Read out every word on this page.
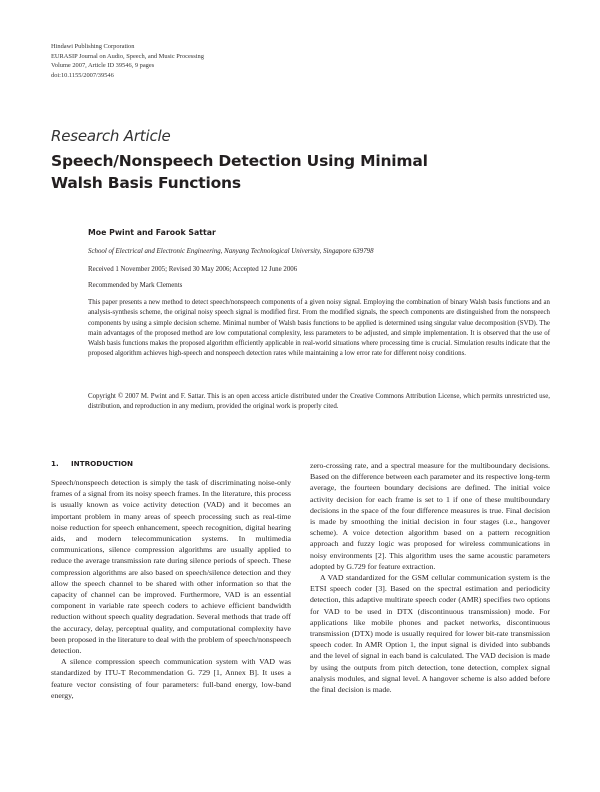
Hindawi Publishing Corporation
EURASIP Journal on Audio, Speech, and Music Processing
Volume 2007, Article ID 39546, 9 pages
doi:10.1155/2007/39546
Research Article
Speech/Nonspeech Detection Using Minimal
Walsh Basis Functions
Moe Pwint and Farook Sattar
School of Electrical and Electronic Engineering, Nanyang Technological University, Singapore 639798
Received 1 November 2005; Revised 30 May 2006; Accepted 12 June 2006
Recommended by Mark Clements
This paper presents a new method to detect speech/nonspeech components of a given noisy signal. Employing the combination of binary Walsh basis functions and an analysis-synthesis scheme, the original noisy speech signal is modified first. From the modified signals, the speech components are distinguished from the nonspeech components by using a simple decision scheme. Minimal number of Walsh basis functions to be applied is determined using singular value decomposition (SVD). The main advantages of the proposed method are low computational complexity, less parameters to be adjusted, and simple implementation. It is observed that the use of Walsh basis functions makes the proposed algorithm efficiently applicable in real-world situations where processing time is crucial. Simulation results indicate that the proposed algorithm achieves high-speech and nonspeech detection rates while maintaining a low error rate for different noisy conditions.
Copyright © 2007 M. Pwint and F. Sattar. This is an open access article distributed under the Creative Commons Attribution License, which permits unrestricted use, distribution, and reproduction in any medium, provided the original work is properly cited.
1. INTRODUCTION

Speech/nonspeech detection is simply the task of discriminating noise-only frames of a signal from its noisy speech frames. In the literature, this process is usually known as voice activity detection (VAD) and it becomes an important problem in many areas of speech processing such as real-time noise reduction for speech enhancement, speech recognition, digital hearing aids, and modern telecommunication systems. In multimedia communications, silence compression algorithms are usually applied to reduce the average transmission rate during silence periods of speech. These compression algorithms are also based on speech/silence detection and they allow the speech channel to be shared with other information so that the capacity of channel can be improved. Furthermore, VAD is an essential component in variable rate speech coders to achieve efficient bandwidth reduction without speech quality degradation. Several methods that trade off the accuracy, delay, perceptual quality, and computational complexity have been proposed in the literature to deal with the problem of speech/nonspeech detection.

A silence compression speech communication system with VAD was standardized by ITU-T Recommendation G. 729 [1, Annex B]. It uses a feature vector consisting of four parameters: full-band energy, low-band energy,

zero-crossing rate, and a spectral measure for the multiboundary decisions. Based on the difference between each parameter and its respective long-term average, the fourteen boundary decisions are defined. The initial voice activity decision for each frame is set to 1 if one of these multiboundary decisions in the space of the four difference measures is true. Final decision is made by smoothing the initial decision in four stages (i.e., hangover scheme). A voice detection algorithm based on a pattern recognition approach and fuzzy logic was proposed for wireless communications in noisy environments [2]. This algorithm uses the same acoustic parameters adopted by G.729 for feature extraction.

A VAD standardized for the GSM cellular communication system is the ETSI speech coder [3]. Based on the spectral estimation and periodicity detection, this adaptive multirate speech coder (AMR) specifies two options for VAD to be used in DTX (discontinuous transmission) mode. For applications like mobile phones and packet networks, discontinuous transmission (DTX) mode is usually required for lower bit-rate transmission speech coder. In AMR Option 1, the input signal is divided into subbands and the level of signal in each band is calculated. The VAD decision is made by using the outputs from pitch detection, tone detection, complex signal analysis modules, and signal level. A hangover scheme is also added before the final decision is made.
